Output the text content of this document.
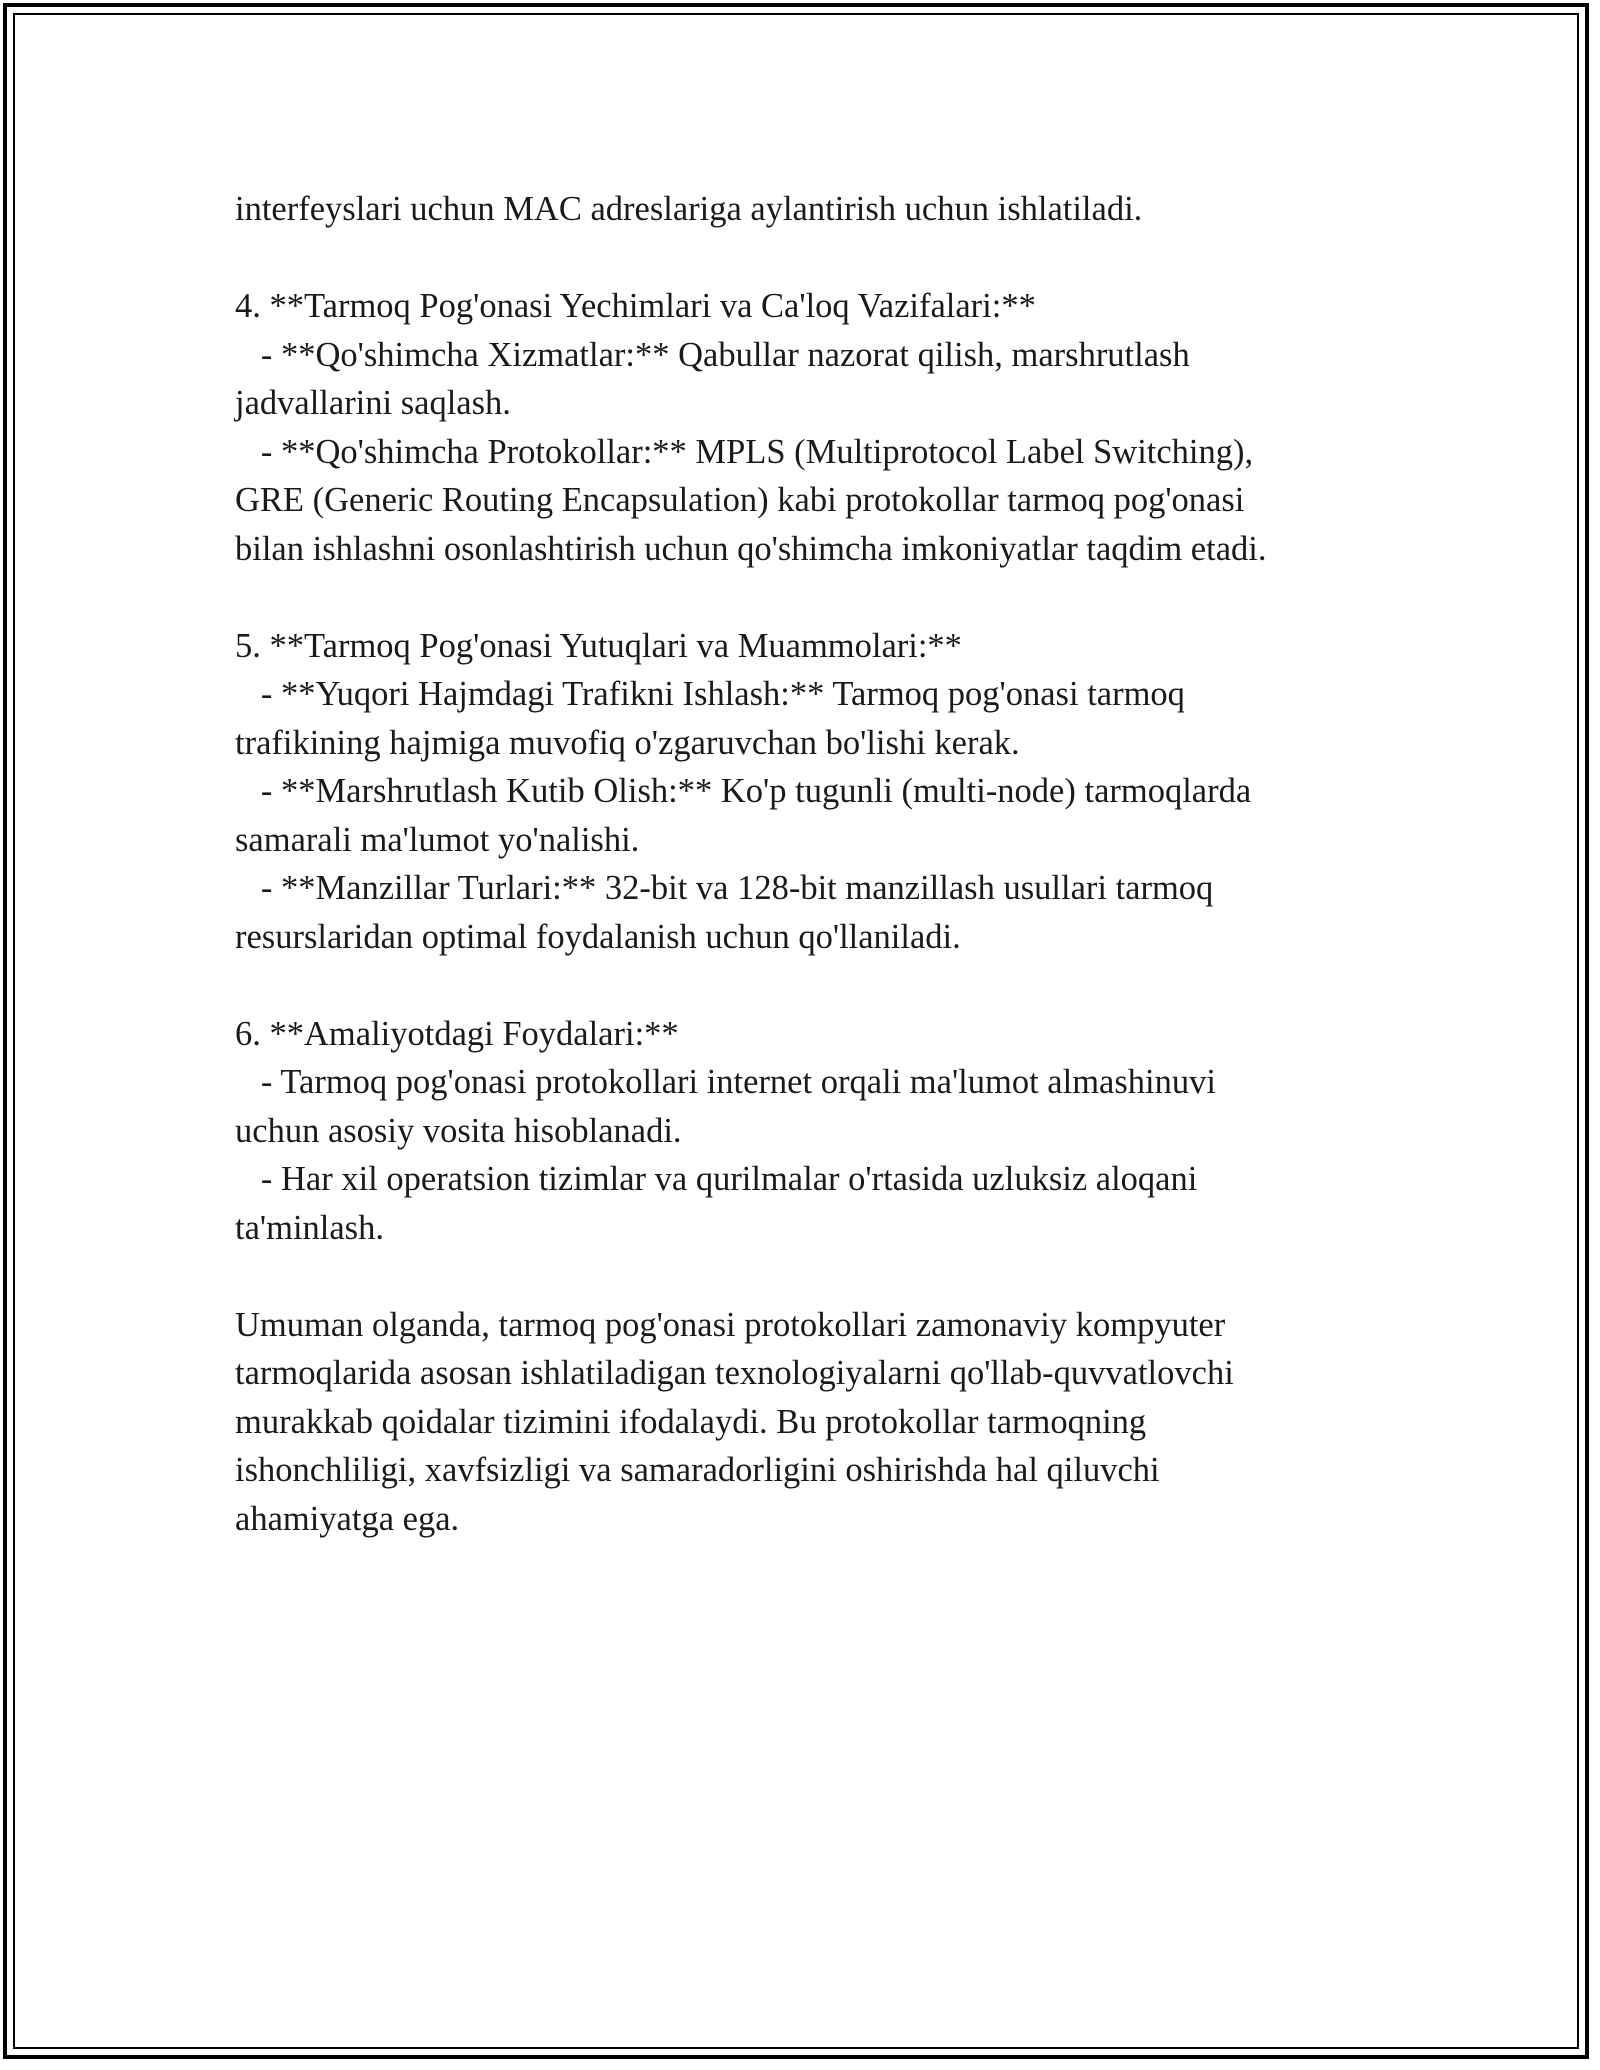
interfeyslari uchun MAC adreslariga aylantirish uchun ishlatiladi.
4. **Tarmoq Pog'onasi Yechimlari va Ca'loq Vazifalari:**
- **Qo'shimcha Xizmatlar:** Qabullar nazorat qilish, marshrutlash
jadvallarini saqlash.
- **Qo'shimcha Protokollar:** MPLS (Multiprotocol Label Switching),
GRE (Generic Routing Encapsulation) kabi protokollar tarmoq pog'onasi
bilan ishlashni osonlashtirish uchun qo'shimcha imkoniyatlar taqdim etadi.
5. **Tarmoq Pog'onasi Yutuqlari va Muammolari:**
- **Yuqori Hajmdagi Trafikni Ishlash:** Tarmoq pog'onasi tarmoq
trafikining hajmiga muvofiq o'zgaruvchan bo'lishi kerak.
- **Marshrutlash Kutib Olish:** Ko'p tugunli (multi-node) tarmoqlarda
samarali ma'lumot yo'nalishi.
- **Manzillar Turlari:** 32-bit va 128-bit manzillash usullari tarmoq
resurslaridan optimal foydalanish uchun qo'llaniladi.
6. **Amaliyotdagi Foydalari:**
- Tarmoq pog'onasi protokollari internet orqali ma'lumot almashinuvi
uchun asosiy vosita hisoblanadi.
- Har xil operatsion tizimlar va qurilmalar o'rtasida uzluksiz aloqani
ta'minlash.
Umuman olganda, tarmoq pog'onasi protokollari zamonaviy kompyuter
tarmoqlarida asosan ishlatiladigan texnologiyalarni qo'llab-quvvatlovchi
murakkab qoidalar tizimini ifodalaydi. Bu protokollar tarmoqning
ishonchliligi, xavfsizligi va samaradorligini oshirishda hal qiluvchi
ahamiyatga ega.
